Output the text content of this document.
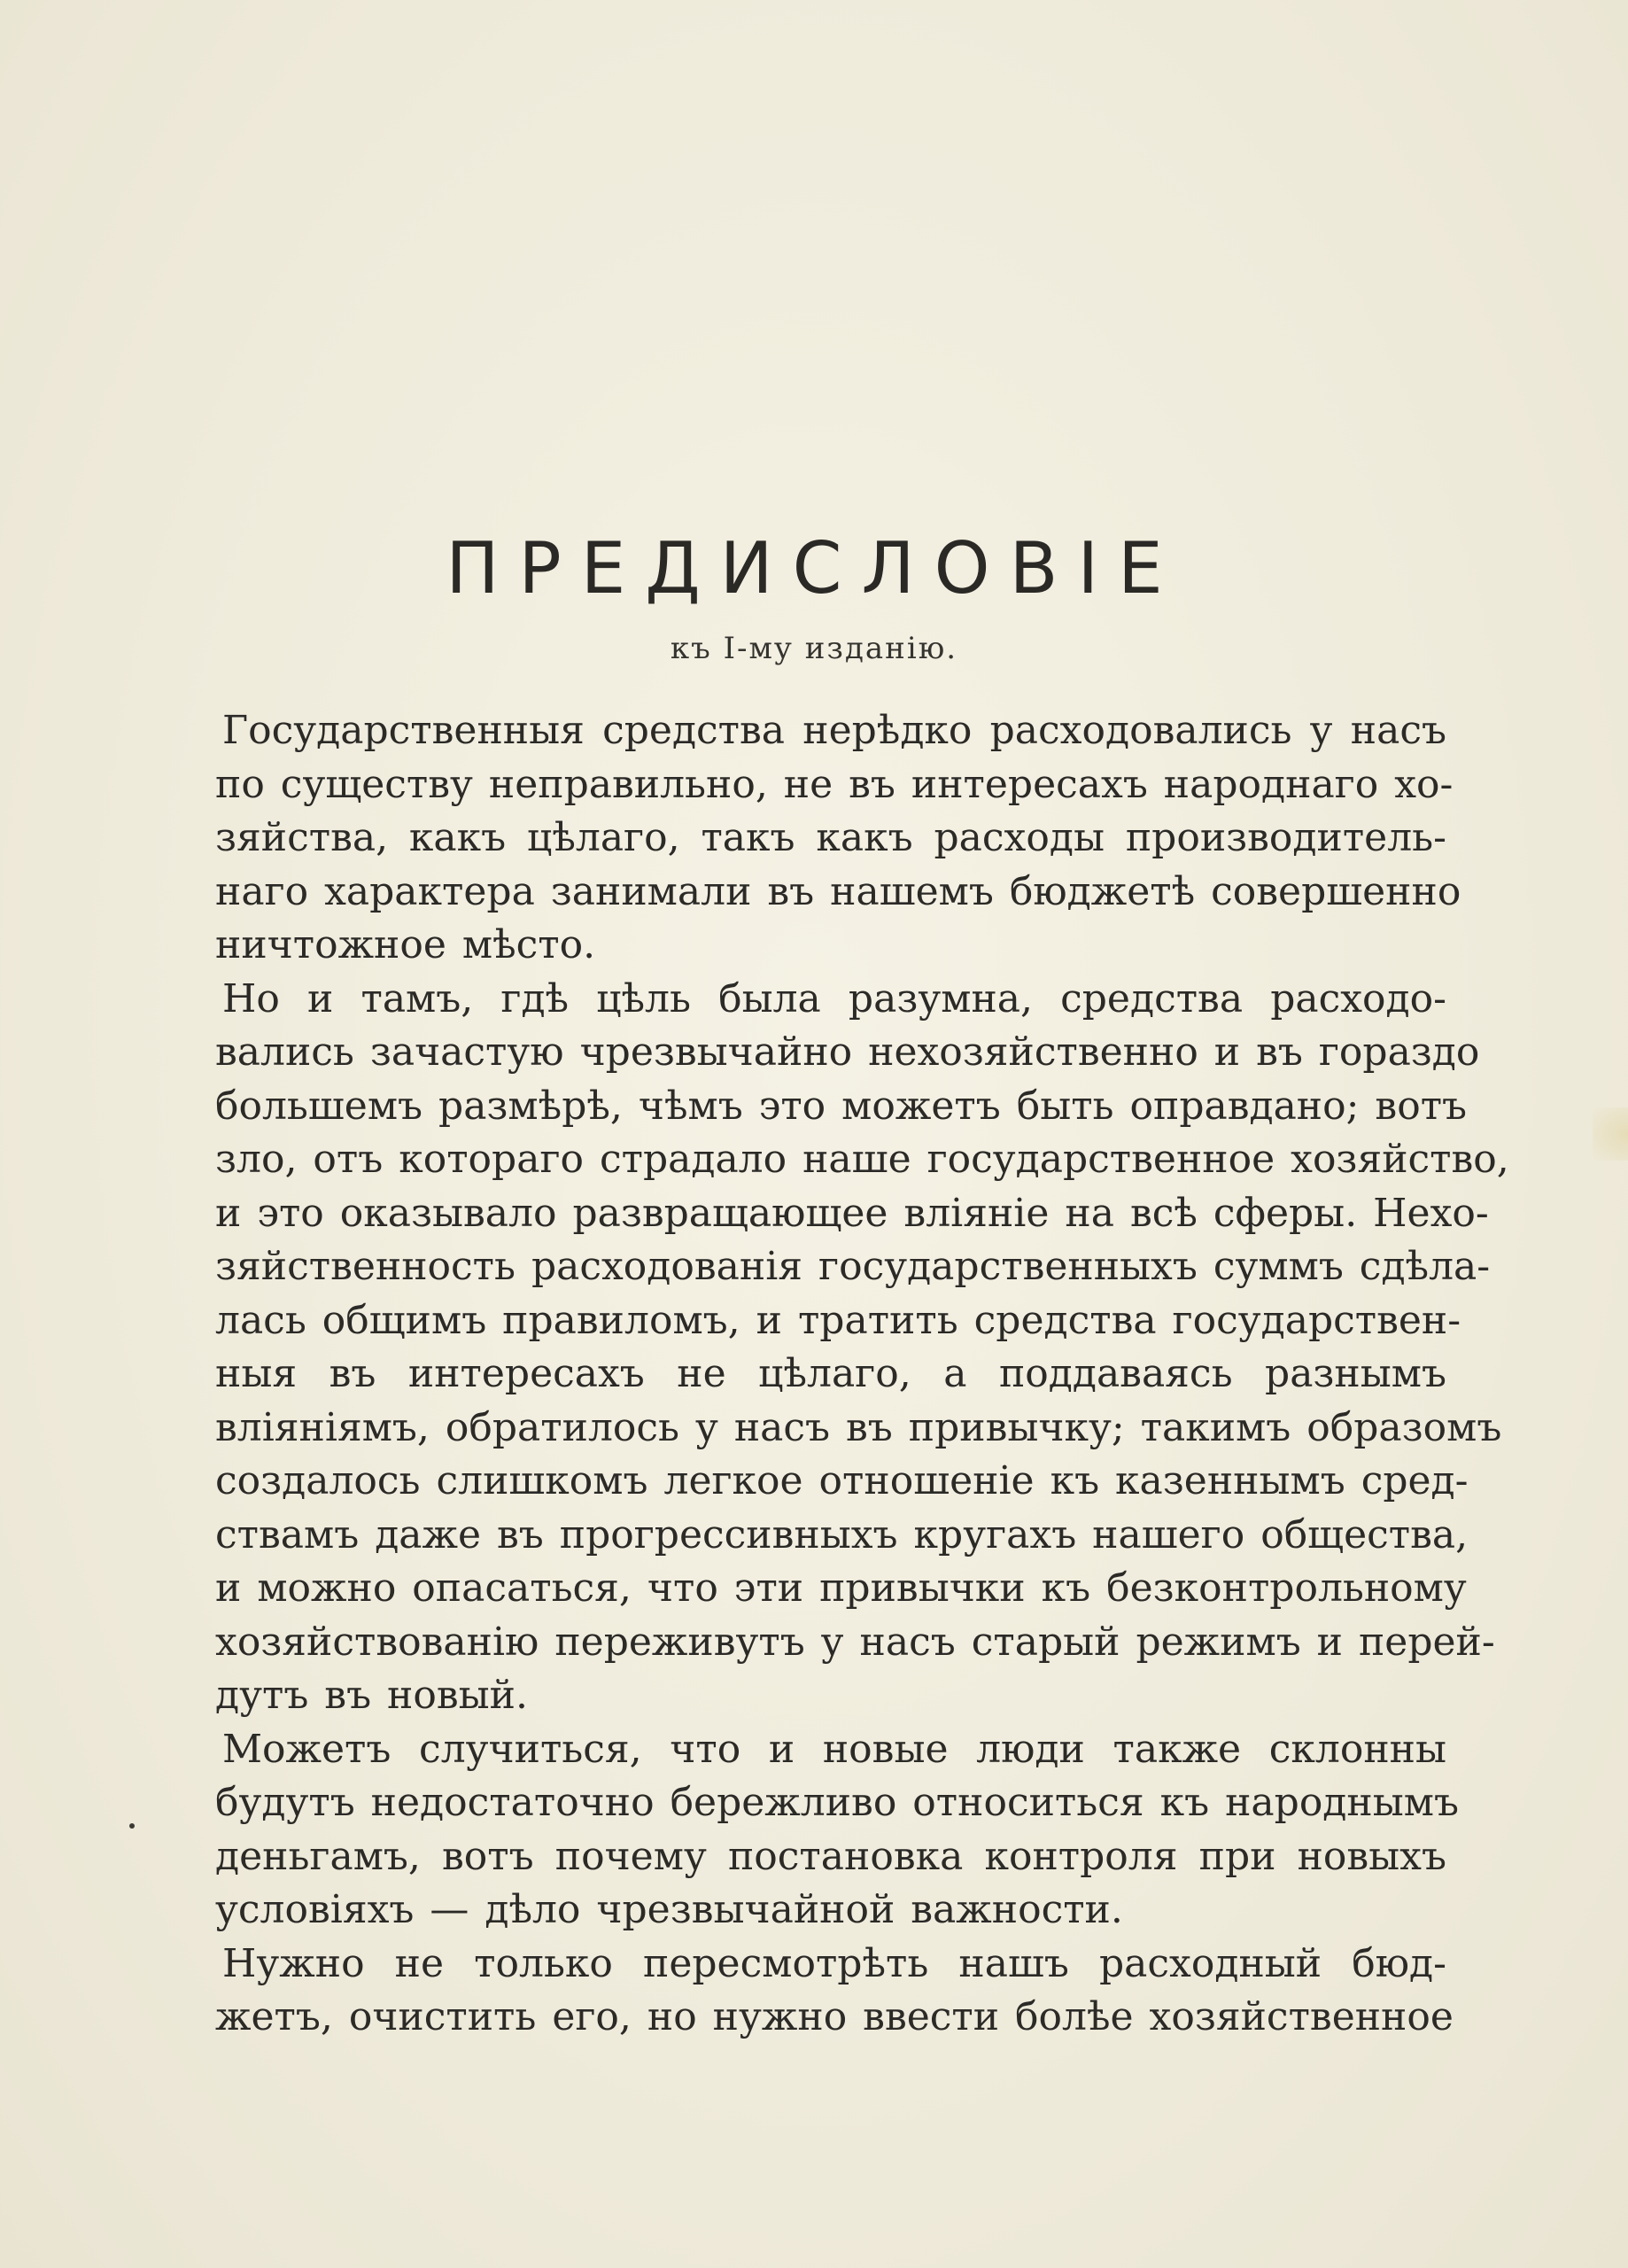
ПРЕДИСЛОВІЕ
къ I-му изданію.
Государственныя средства нерѣдко расходовались у насъ
по существу неправильно, не въ интересахъ народнаго хо-
зяйства, какъ цѣлаго, такъ какъ расходы производитель-
наго характера занимали въ нашемъ бюджетѣ совершенно
ничтожное мѣсто.
Но и тамъ, гдѣ цѣль была разумна, средства расходо-
вались зачастую чрезвычайно нехозяйственно и въ гораздо
большемъ размѣрѣ, чѣмъ это можетъ быть оправдано; вотъ
зло, отъ котораго страдало наше государственное хозяйство,
и это оказывало развращающее вліяніе на всѣ сферы. Нехо-
зяйственность расходованія государственныхъ суммъ сдѣла-
лась общимъ правиломъ, и тратить средства государствен-
ныя въ интересахъ не цѣлаго, а поддаваясь разнымъ
вліяніямъ, обратилось у насъ въ привычку; такимъ образомъ
создалось слишкомъ легкое отношеніе къ казеннымъ сред-
ствамъ даже въ прогрессивныхъ кругахъ нашего общества,
и можно опасаться, что эти привычки къ безконтрольному
хозяйствованію переживутъ у насъ старый режимъ и перей-
дутъ въ новый.
Можетъ случиться, что и новые люди также склонны
будутъ недостаточно бережливо относиться къ народнымъ
деньгамъ, вотъ почему постановка контроля при новыхъ
условіяхъ — дѣло чрезвычайной важности.
Нужно не только пересмотрѣть нашъ расходный бюд-
жетъ, очистить его, но нужно ввести болѣе хозяйственное
